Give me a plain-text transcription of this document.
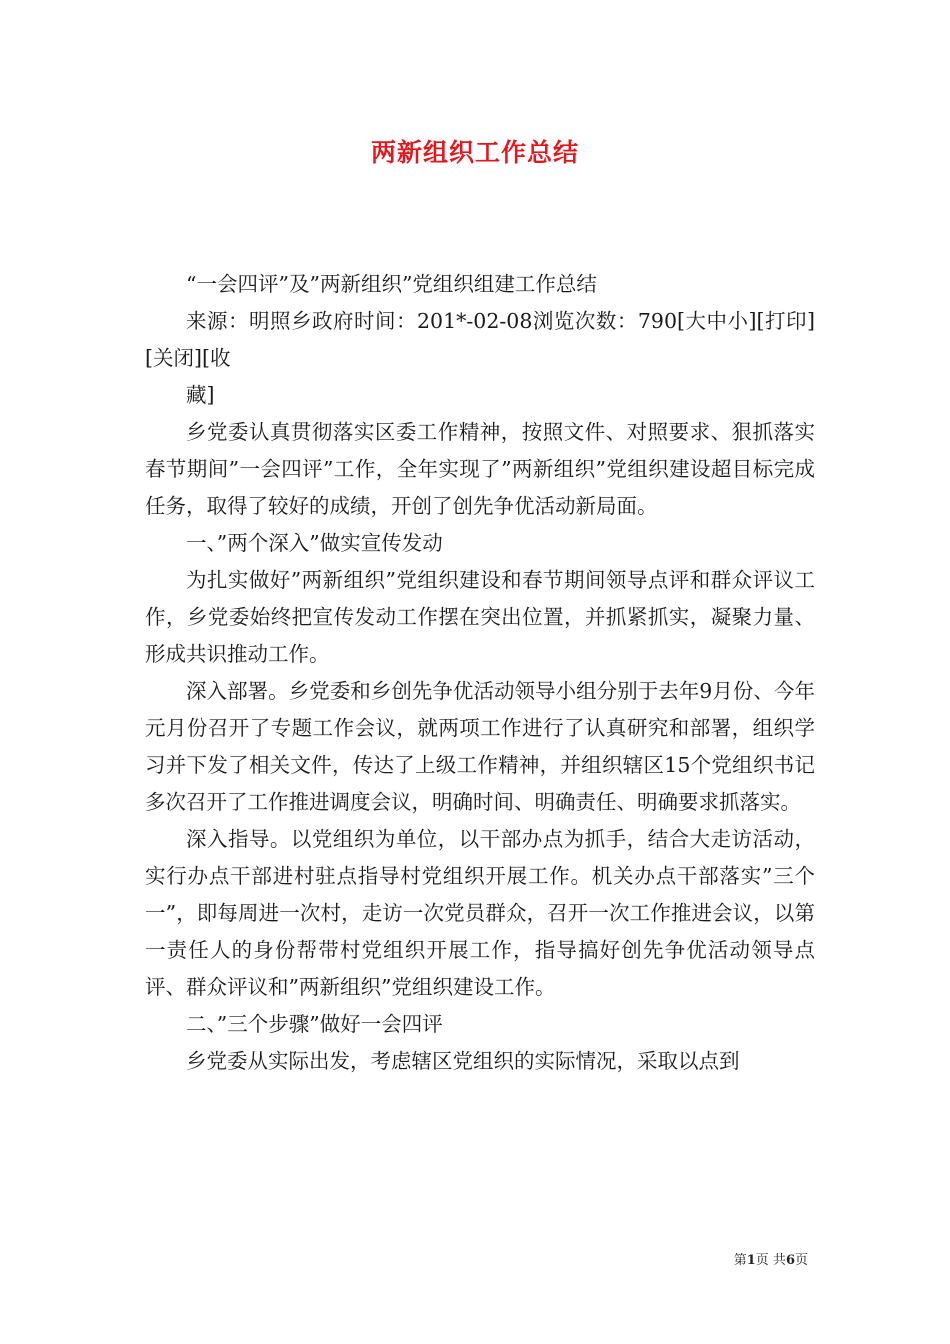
两新组织工作总结

“一会四评”及”两新组织”党组织组建工作总结

来源：明照乡政府时间：201*-02-08浏览次数：790[大中小][打印][关闭][收

藏]

乡党委认真贯彻落实区委工作精神，按照文件、对照要求、狠抓落实春节期间”一会四评”工作，全年实现了”两新组织”党组织建设超目标完成任务，取得了较好的成绩，开创了创先争优活动新局面。

一、”两个深入”做实宣传发动

为扎实做好”两新组织”党组织建设和春节期间领导点评和群众评议工作，乡党委始终把宣传发动工作摆在突出位置，并抓紧抓实，凝聚力量、形成共识推动工作。

深入部署。乡党委和乡创先争优活动领导小组分别于去年9月份、今年元月份召开了专题工作会议，就两项工作进行了认真研究和部署，组织学习并下发了相关文件，传达了上级工作精神，并组织辖区15个党组织书记多次召开了工作推进调度会议，明确时间、明确责任、明确要求抓落实。

深入指导。以党组织为单位，以干部办点为抓手，结合大走访活动，实行办点干部进村驻点指导村党组织开展工作。机关办点干部落实”三个一”，即每周进一次村，走访一次党员群众，召开一次工作推进会议，以第一责任人的身份帮带村党组织开展工作，指导搞好创先争优活动领导点评、群众评议和”两新组织”党组织建设工作。

二、”三个步骤”做好一会四评

乡党委从实际出发，考虑辖区党组织的实际情况，采取以点到

第1页 共6页
